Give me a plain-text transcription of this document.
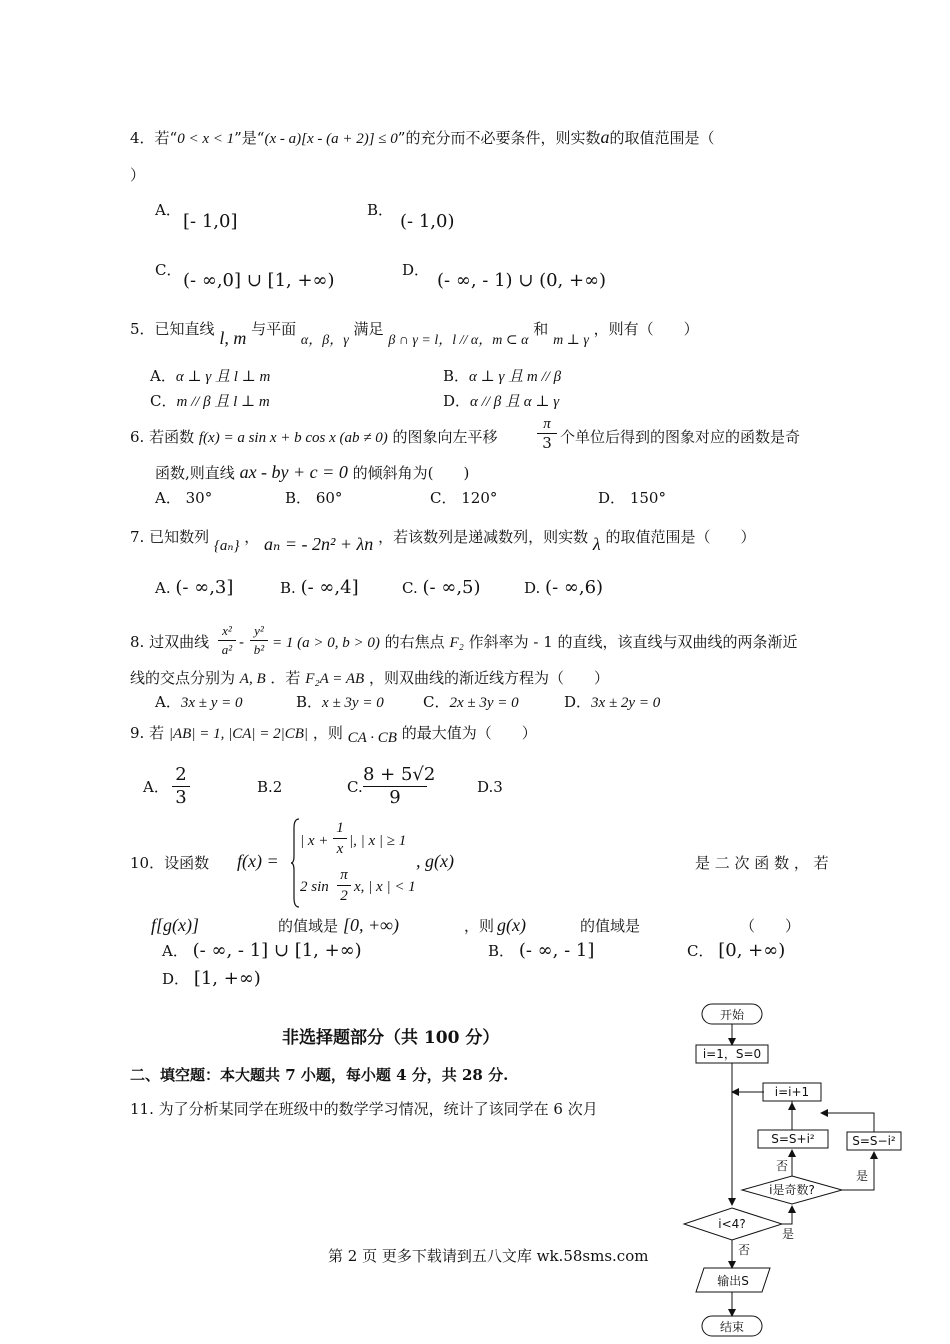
4．若“0 < x < 1”是“(x - a)[x - (a + 2)] ≤ 0”的充分而不必要条件，则实数a的取值范围是（
）
A．
[- 1,0]
B．
(- 1,0)
C． (- ∞,0] ∪ [1, +∞)	D． (- ∞, - 1) ∪ (0, +∞)
5．已知直线 l, m 与平面 α，β，γ 满足 β ∩ γ = l，l // α，m ⊂ α 和 m ⊥ γ ，则有（　　）
A．α ⊥ γ 且 l ⊥ m	B．α ⊥ γ 且 m // β
C．m // β 且 l ⊥ m	D．α // β 且 α ⊥ γ
6. 若函数 f(x) = a sin x + b cos x (ab ≠ 0) 的图象向左平移
π
3 个单位后得到的图象对应的函数是奇
函数,则直线 ax - by + c = 0 的倾斜角为(　　)
A． 30°	B． 60°	C． 120°	D． 150°
7. 已知数列 {aₙ} ， aₙ = - 2n² + λn ，若该数列是递减数列，则实数 λ 的取值范围是（　　）
A. (- ∞,3]	B. (- ∞,4]	C. (- ∞,5)	D. (- ∞,6)
8. 过双曲线
x²
a² -
y²
b² = 1 (a > 0, b > 0) 的右焦点 F₂ 作斜率为 - 1 的直线，该直线与双曲线的两条渐近
线的交点分别为 A, B ．若 F₂A = AB ，则双曲线的渐近线方程为（　　）
A．3x ± y = 0	B．x ± 3y = 0	C．2x ± 3y = 0	D．3x ± 2y = 0
9. 若 |AB| = 1, |CA| = 2|CB| ，则 CA · CB 的最大值为（　　）
A．
2
3	B.2	C.
8 + 5√2
9	D.3
10．设函数 f(x) =
| x +
1
x |, | x | ≥ 1
2 sin
π
2
x, | x | < 1
, g(x)	是 二 次 函 数 ， 若
f[g(x)]	的值域是 [0, +∞)	，则 g(x)	的值域是	（　　）
A． (- ∞, - 1] ∪ [1, +∞)	B． (- ∞, - 1]	C． [0, +∞)
D． [1, +∞)
非选择题部分（共 100 分）
二、填空题：本大题共 7 小题，每小题 4 分，共 28 分.
11. 为了分析某同学在班级中的数学学习情况，统计了该同学在 6 次月
第 2 页 更多下载请到五八文库 wk.58sms.com
开始
i=1，S=0
i=i+1
S=S+i²	S=S−i²
i是奇数?
i<4?
输出S
结束
否
是
是
否
